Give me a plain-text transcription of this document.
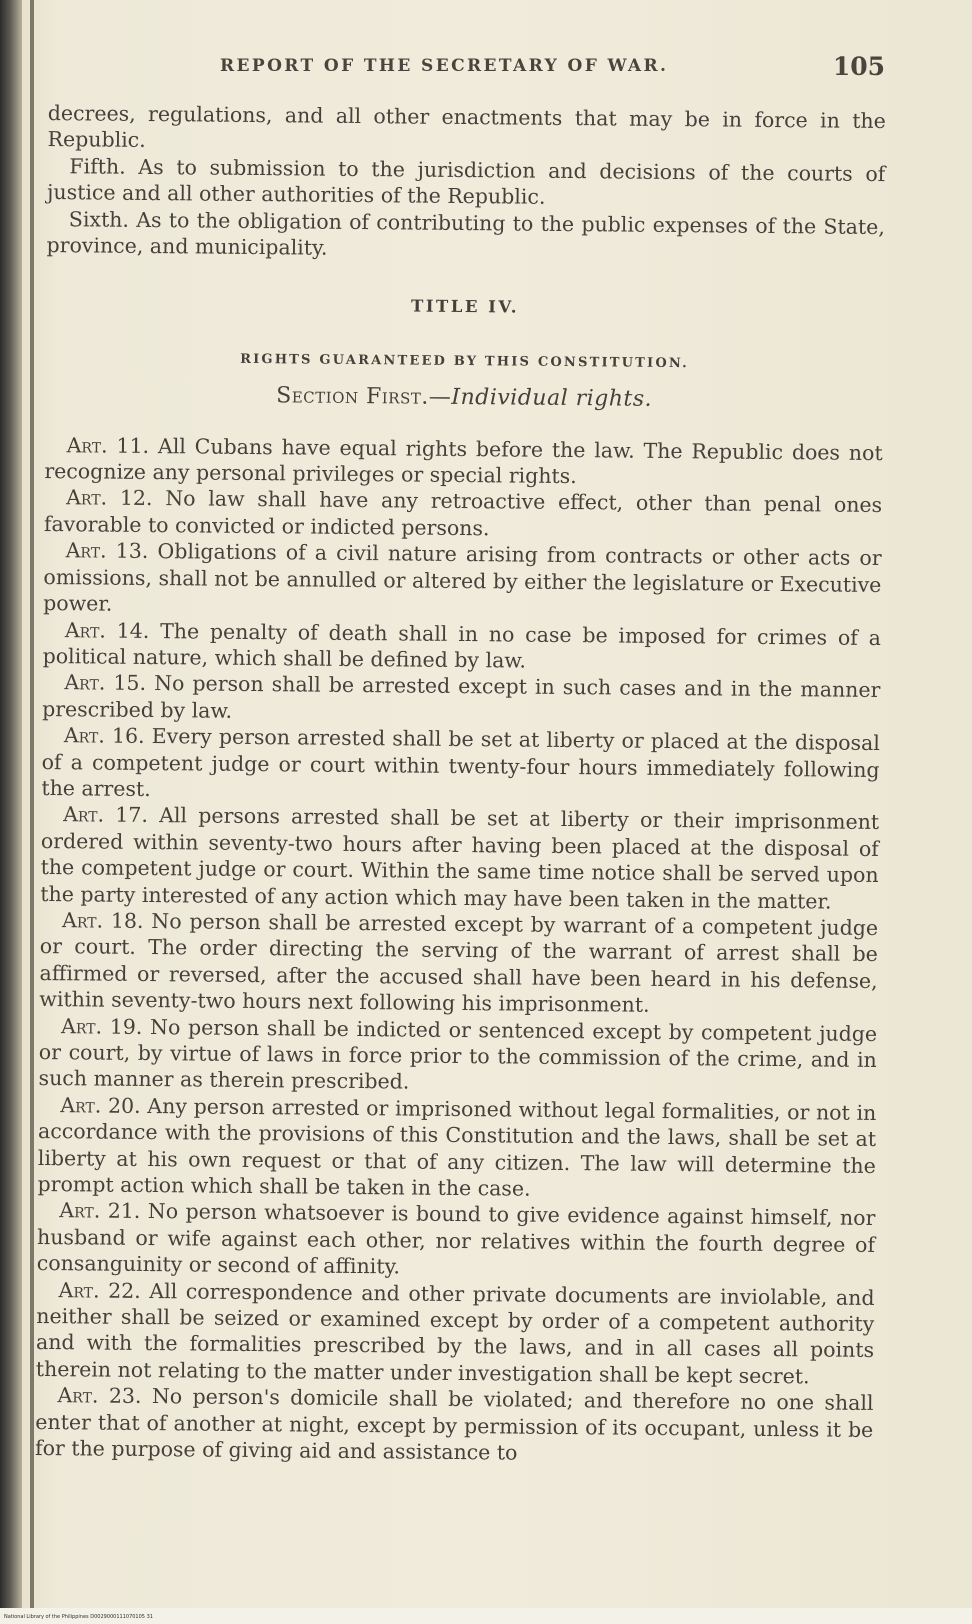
REPORT OF THE SECRETARY OF WAR.	105

decrees, regulations, and all other enactments that may be in force in the Republic.

Fifth. As to submission to the jurisdiction and decisions of the courts of justice and all other authorities of the Republic.

Sixth. As to the obligation of contributing to the public expenses of the State, province, and municipality.

TITLE IV.
RIGHTS GUARANTEED BY THIS CONSTITUTION.
Section First.—Individual rights.

Art. 11. All Cubans have equal rights before the law. The Republic does not recognize any personal privileges or special rights.

Art. 12. No law shall have any retroactive effect, other than penal ones favorable to convicted or indicted persons.

Art. 13. Obligations of a civil nature arising from contracts or other acts or omissions, shall not be annulled or altered by either the legislature or Executive power.

Art. 14. The penalty of death shall in no case be imposed for crimes of a political nature, which shall be defined by law.

Art. 15. No person shall be arrested except in such cases and in the manner prescribed by law.

Art. 16. Every person arrested shall be set at liberty or placed at the disposal of a competent judge or court within twenty-four hours immediately following the arrest.

Art. 17. All persons arrested shall be set at liberty or their imprisonment ordered within seventy-two hours after having been placed at the disposal of the competent judge or court. Within the same time notice shall be served upon the party interested of any action which may have been taken in the matter.

Art. 18. No person shall be arrested except by warrant of a competent judge or court. The order directing the serving of the warrant of arrest shall be affirmed or reversed, after the accused shall have been heard in his defense, within seventy-two hours next following his imprisonment.

Art. 19. No person shall be indicted or sentenced except by competent judge or court, by virtue of laws in force prior to the commission of the crime, and in such manner as therein prescribed.

Art. 20. Any person arrested or imprisoned without legal formalities, or not in accordance with the provisions of this Constitution and the laws, shall be set at liberty at his own request or that of any citizen. The law will determine the prompt action which shall be taken in the case.

Art. 21. No person whatsoever is bound to give evidence against himself, nor husband or wife against each other, nor relatives within the fourth degree of consanguinity or second of affinity.

Art. 22. All correspondence and other private documents are inviolable, and neither shall be seized or examined except by order of a competent authority and with the formalities prescribed by the laws, and in all cases all points therein not relating to the matter under investigation shall be kept secret.

Art. 23. No person's domicile shall be violated; and therefore no one shall enter that of another at night, except by permission of its occupant, unless it be for the purpose of giving aid and assistance to

National Library of the Philippines D0029000111070105 31
